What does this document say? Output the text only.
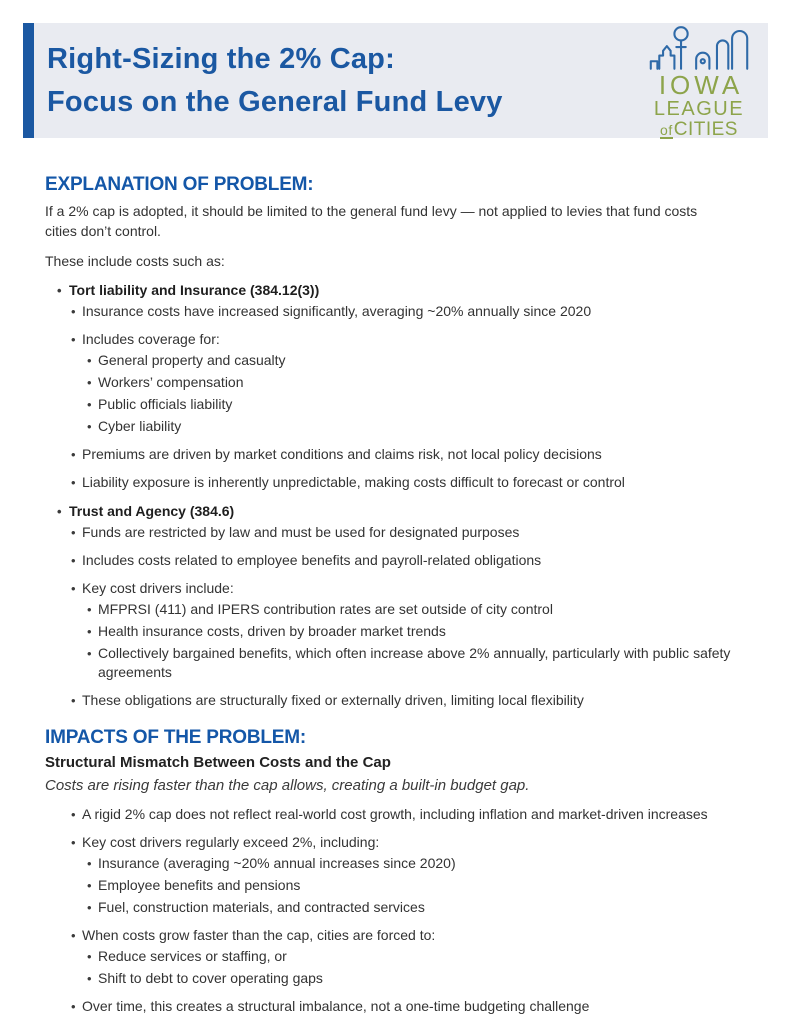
Right-Sizing the 2% Cap:
Focus on the General Fund Levy
IOWA
LEAGUE
of CITIES
EXPLANATION OF PROBLEM:

If a 2% cap is adopted, it should be limited to the general fund levy — not applied to levies that fund costs cities don’t control.

These include costs such as:

• Tort liability and Insurance (384.12(3))
• Insurance costs have increased significantly, averaging ~20% annually since 2020
• Includes coverage for:
• General property and casualty
• Workers’ compensation
• Public officials liability
• Cyber liability
• Premiums are driven by market conditions and claims risk, not local policy decisions
• Liability exposure is inherently unpredictable, making costs difficult to forecast or control
• Trust and Agency (384.6)
• Funds are restricted by law and must be used for designated purposes
• Includes costs related to employee benefits and payroll-related obligations
• Key cost drivers include:
• MFPRSI (411) and IPERS contribution rates are set outside of city control
• Health insurance costs, driven by broader market trends
• Collectively bargained benefits, which often increase above 2% annually, particularly with public safety agreements
• These obligations are structurally fixed or externally driven, limiting local flexibility
IMPACTS OF THE PROBLEM:

Structural Mismatch Between Costs and the Cap

Costs are rising faster than the cap allows, creating a built-in budget gap.

• A rigid 2% cap does not reflect real-world cost growth, including inflation and market-driven increases
• Key cost drivers regularly exceed 2%, including:
• Insurance (averaging ~20% annual increases since 2020)
• Employee benefits and pensions
• Fuel, construction materials, and contracted services
• When costs grow faster than the cap, cities are forced to:
• Reduce services or staffing, or
• Shift to debt to cover operating gaps
• Over time, this creates a structural imbalance, not a one-time budgeting challenge
